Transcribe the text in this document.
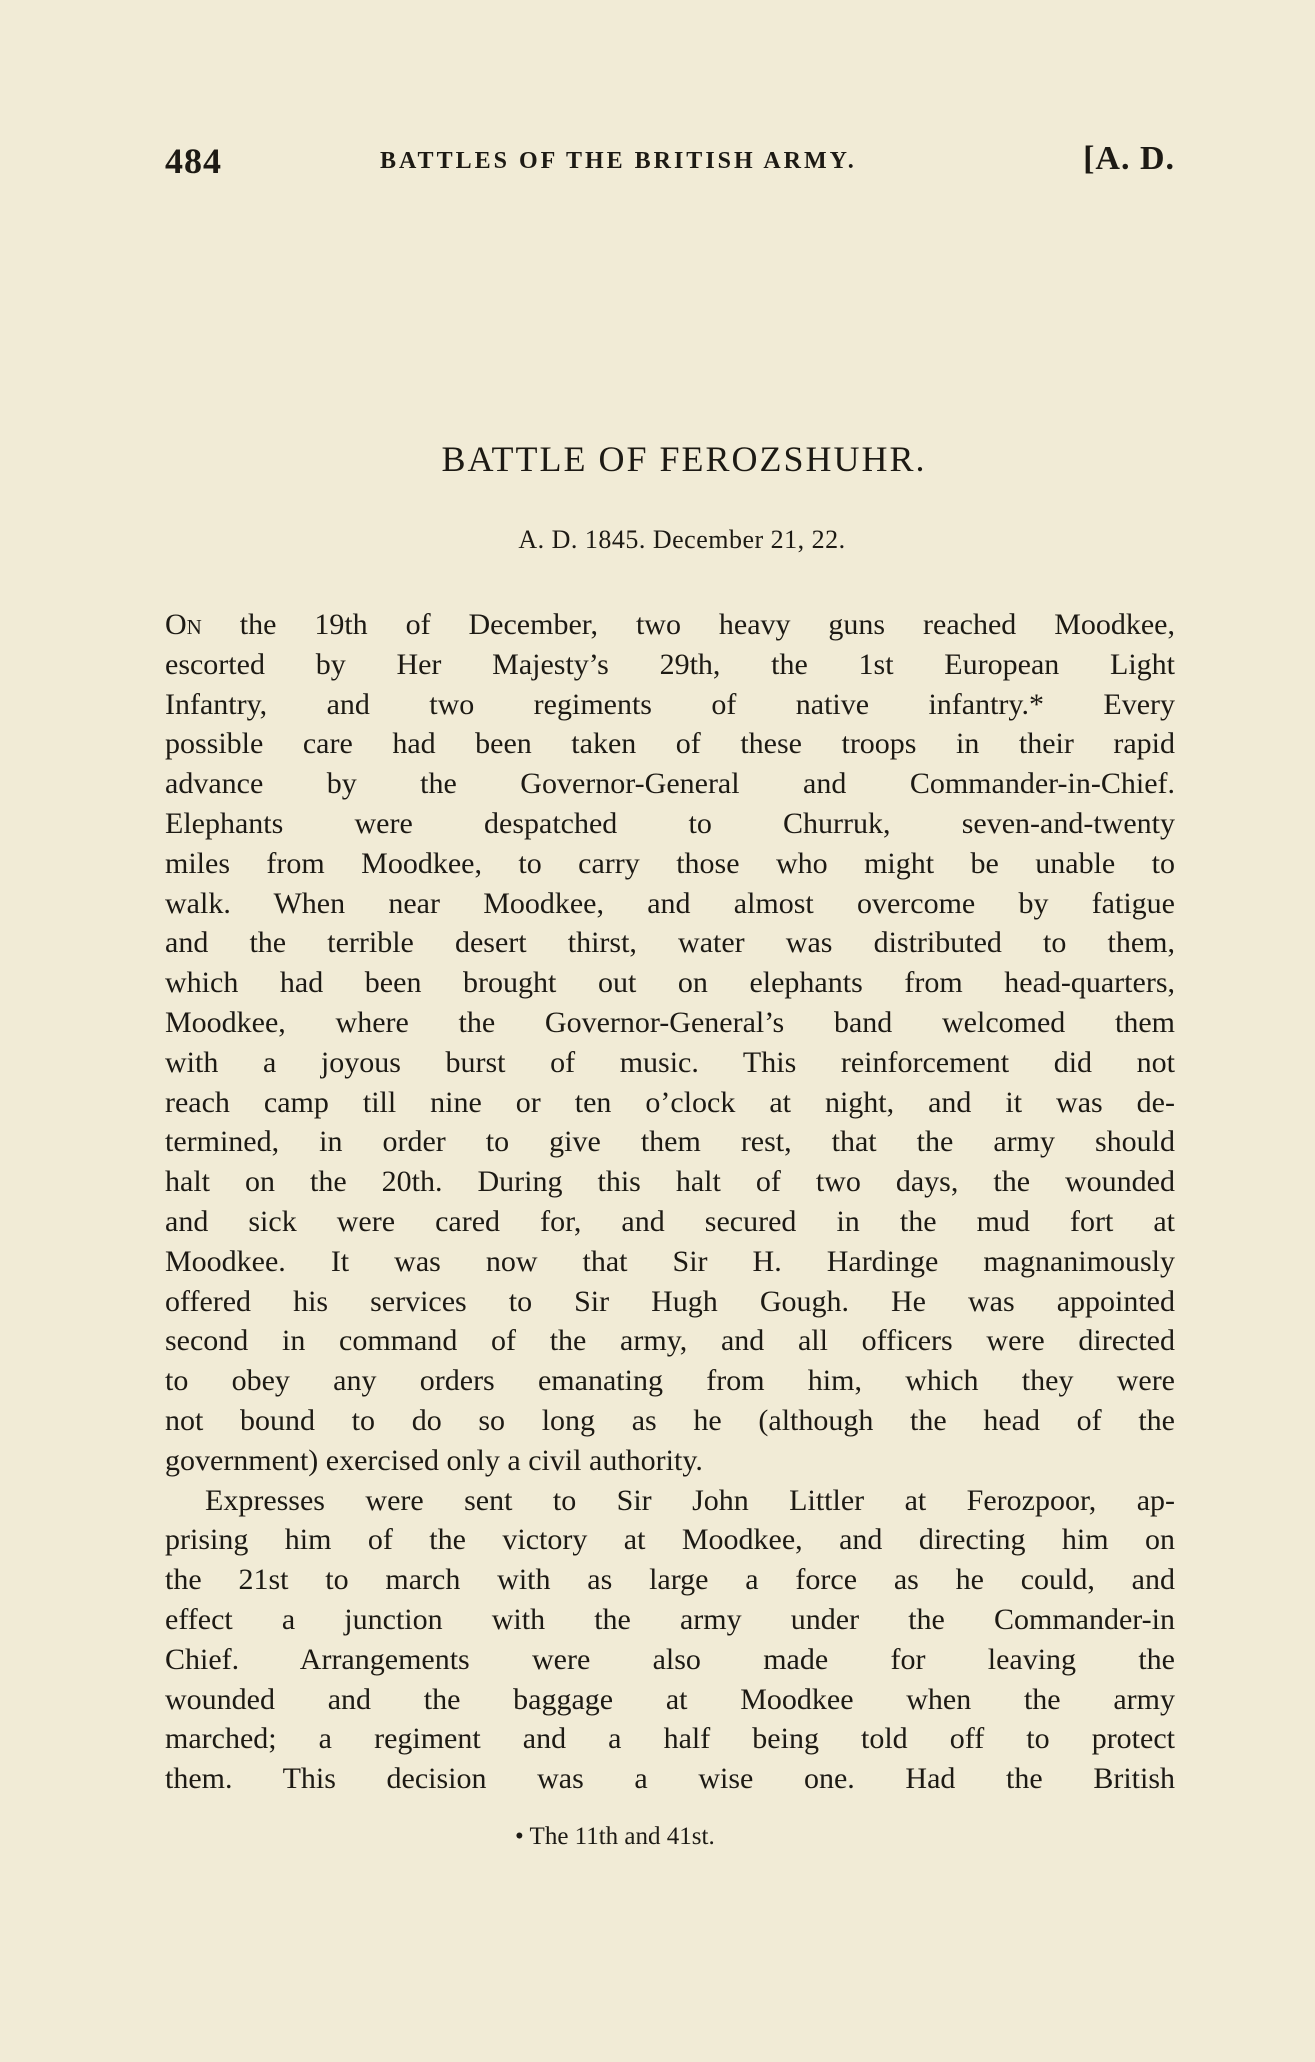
484	BATTLES OF THE BRITISH ARMY.	[A. D.
BATTLE OF FEROZSHUHR.
A. D. 1845. December 21, 22.
On the 19th of December, two heavy guns reached Moodkee,
escorted by Her Majesty’s 29th, the 1st European Light
Infantry, and two regiments of native infantry.* Every
possible care had been taken of these troops in their rapid
advance by the Governor-General and Commander-in-Chief.
Elephants were despatched to Churruk, seven-and-twenty
miles from Moodkee, to carry those who might be unable to
walk. When near Moodkee, and almost overcome by fatigue
and the terrible desert thirst, water was distributed to them,
which had been brought out on elephants from head-quarters,
Moodkee, where the Governor-General’s band welcomed them
with a joyous burst of music. This reinforcement did not
reach camp till nine or ten o’clock at night, and it was de-
termined, in order to give them rest, that the army should
halt on the 20th. During this halt of two days, the wounded
and sick were cared for, and secured in the mud fort at
Moodkee. It was now that Sir H. Hardinge magnanimously
offered his services to Sir Hugh Gough. He was appointed
second in command of the army, and all officers were directed
to obey any orders emanating from him, which they were
not bound to do so long as he (although the head of the
government) exercised only a civil authority.
Expresses were sent to Sir John Littler at Ferozpoor, ap-
prising him of the victory at Moodkee, and directing him on
the 21st to march with as large a force as he could, and
effect a junction with the army under the Commander-in
Chief. Arrangements were also made for leaving the
wounded and the baggage at Moodkee when the army
marched; a regiment and a half being told off to protect
them. This decision was a wise one. Had the British
• The 11th and 41st.
